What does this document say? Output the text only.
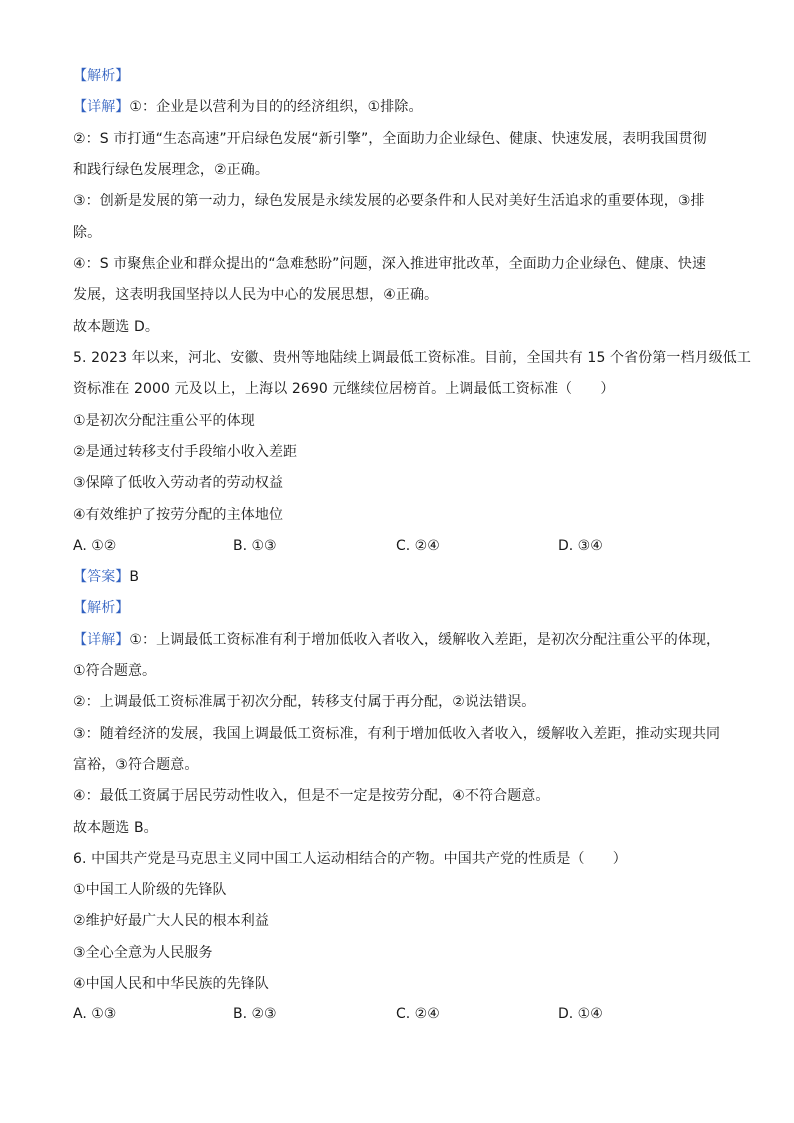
【解析】
【详解】①：企业是以营利为目的的经济组织，①排除。
②：S 市打通“生态高速”开启绿色发展“新引擎”，全面助力企业绿色、健康、快速发展，表明我国贯彻
和践行绿色发展理念，②正确。
③：创新是发展的第一动力，绿色发展是永续发展的必要条件和人民对美好生活追求的重要体现，③排
除。
④：S 市聚焦企业和群众提出的“急难愁盼”问题，深入推进审批改革，全面助力企业绿色、健康、快速
发展，这表明我国坚持以人民为中心的发展思想，④正确。
故本题选 D。
5. 2023 年以来，河北、安徽、贵州等地陆续上调最低工资标准。目前，全国共有 15 个省份第一档月级低工
资标准在 2000 元及以上，上海以 2690 元继续位居榜首。上调最低工资标准（　　）
①是初次分配注重公平的体现
②是通过转移支付手段缩小收入差距
③保障了低收入劳动者的劳动权益
④有效维护了按劳分配的主体地位
A. ①②	B. ①③	C. ②④	D. ③④
【答案】B
【解析】
【详解】①：上调最低工资标准有利于增加低收入者收入，缓解收入差距，是初次分配注重公平的体现，
①符合题意。
②：上调最低工资标准属于初次分配，转移支付属于再分配，②说法错误。
③：随着经济的发展，我国上调最低工资标准，有利于增加低收入者收入，缓解收入差距，推动实现共同
富裕，③符合题意。
④：最低工资属于居民劳动性收入，但是不一定是按劳分配，④不符合题意。
故本题选 B。
6. 中国共产党是马克思主义同中国工人运动相结合的产物。中国共产党的性质是（　　）
①中国工人阶级的先锋队
②维护好最广大人民的根本利益
③全心全意为人民服务
④中国人民和中华民族的先锋队
A. ①③	B. ②③	C. ②④	D. ①④
